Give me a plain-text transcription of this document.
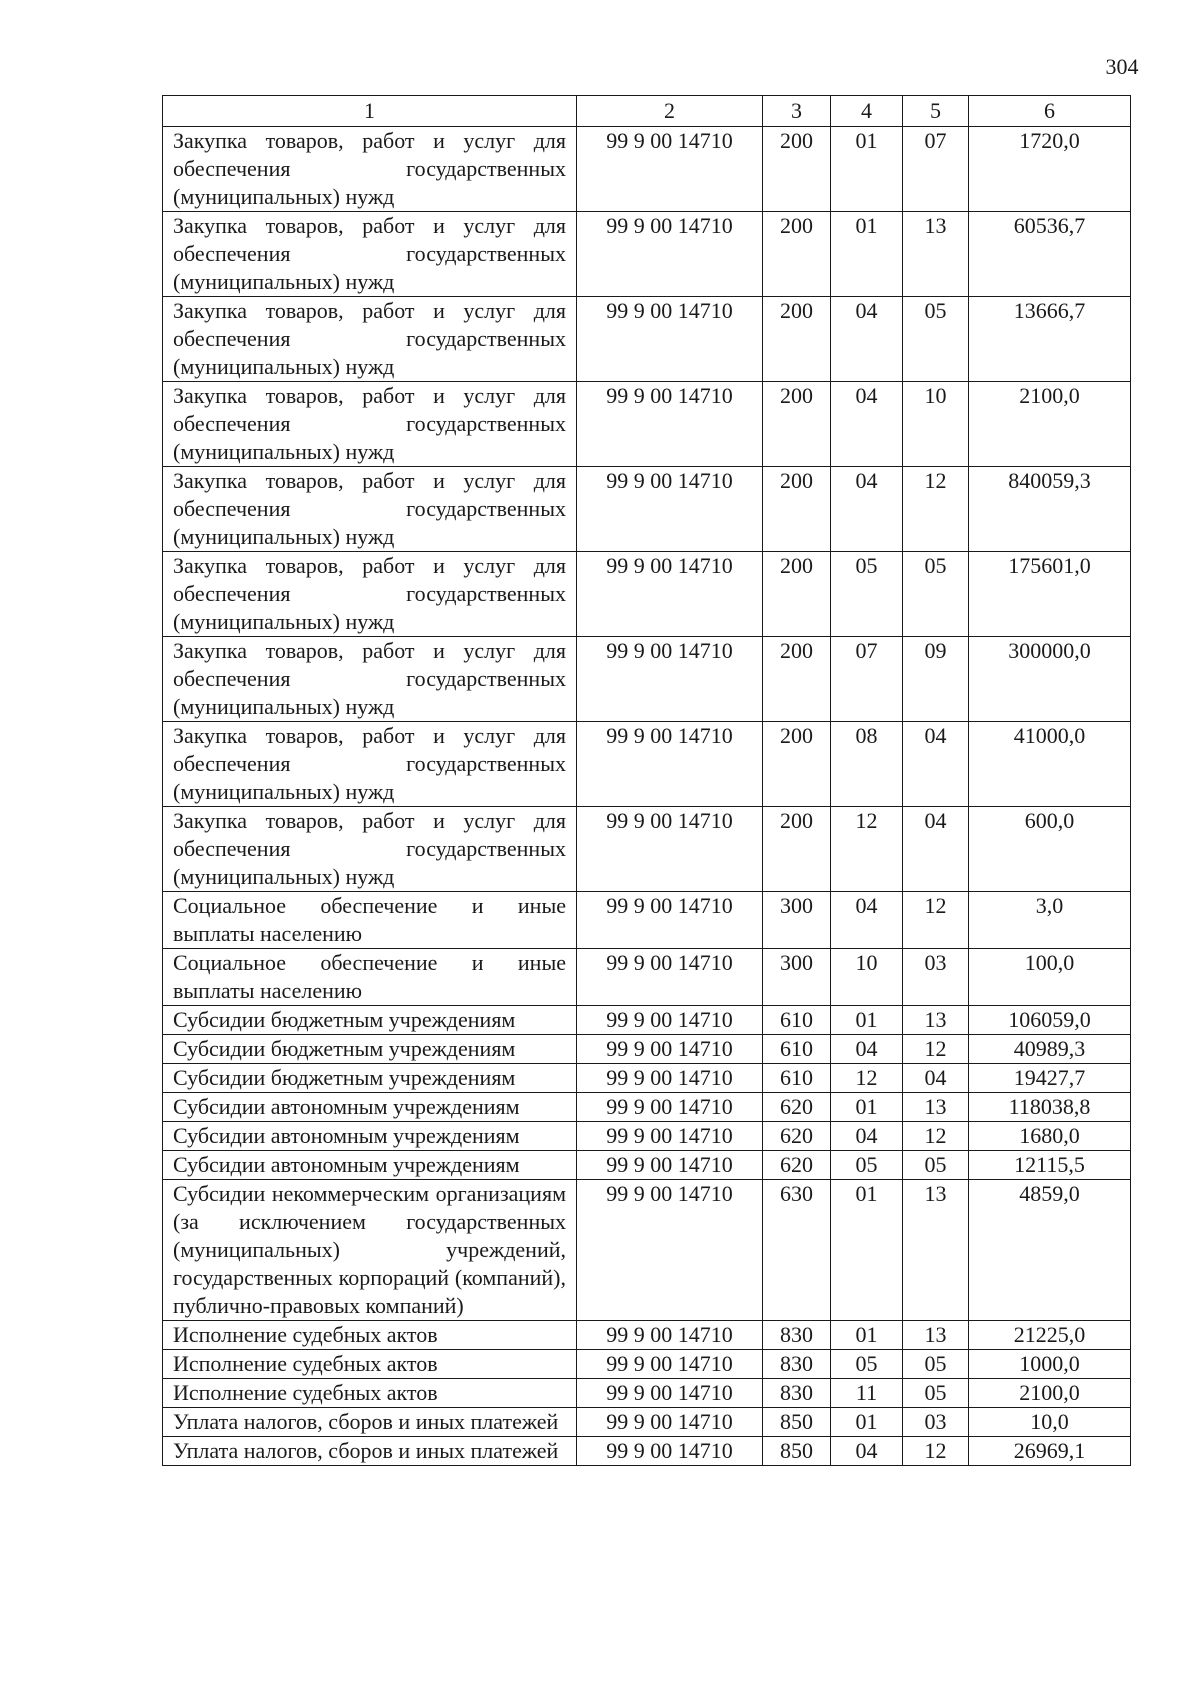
304
1	2	3	4	5	6
Закупка товаров, работ и услуг для обеспечения государственных (муниципальных) нужд	99 9 00 14710	200	01	07	1720,0
Закупка товаров, работ и услуг для обеспечения государственных (муниципальных) нужд	99 9 00 14710	200	01	13	60536,7
Закупка товаров, работ и услуг для обеспечения государственных (муниципальных) нужд	99 9 00 14710	200	04	05	13666,7
Закупка товаров, работ и услуг для обеспечения государственных (муниципальных) нужд	99 9 00 14710	200	04	10	2100,0
Закупка товаров, работ и услуг для обеспечения государственных (муниципальных) нужд	99 9 00 14710	200	04	12	840059,3
Закупка товаров, работ и услуг для обеспечения государственных (муниципальных) нужд	99 9 00 14710	200	05	05	175601,0
Закупка товаров, работ и услуг для обеспечения государственных (муниципальных) нужд	99 9 00 14710	200	07	09	300000,0
Закупка товаров, работ и услуг для обеспечения государственных (муниципальных) нужд	99 9 00 14710	200	08	04	41000,0
Закупка товаров, работ и услуг для обеспечения государственных (муниципальных) нужд	99 9 00 14710	200	12	04	600,0
Социальное обеспечение и иные выплаты населению	99 9 00 14710	300	04	12	3,0
Социальное обеспечение и иные выплаты населению	99 9 00 14710	300	10	03	100,0
Субсидии бюджетным учреждениям	99 9 00 14710	610	01	13	106059,0
Субсидии бюджетным учреждениям	99 9 00 14710	610	04	12	40989,3
Субсидии бюджетным учреждениям	99 9 00 14710	610	12	04	19427,7
Субсидии автономным учреждениям	99 9 00 14710	620	01	13	118038,8
Субсидии автономным учреждениям	99 9 00 14710	620	04	12	1680,0
Субсидии автономным учреждениям	99 9 00 14710	620	05	05	12115,5
Субсидии некоммерческим организациям (за исключением государственных (муниципальных) учреждений, государственных корпораций (компаний), публично-правовых компаний)	99 9 00 14710	630	01	13	4859,0
Исполнение судебных актов	99 9 00 14710	830	01	13	21225,0
Исполнение судебных актов	99 9 00 14710	830	05	05	1000,0
Исполнение судебных актов	99 9 00 14710	830	11	05	2100,0
Уплата налогов, сборов и иных платежей	99 9 00 14710	850	01	03	10,0
Уплата налогов, сборов и иных платежей	99 9 00 14710	850	04	12	26969,1
